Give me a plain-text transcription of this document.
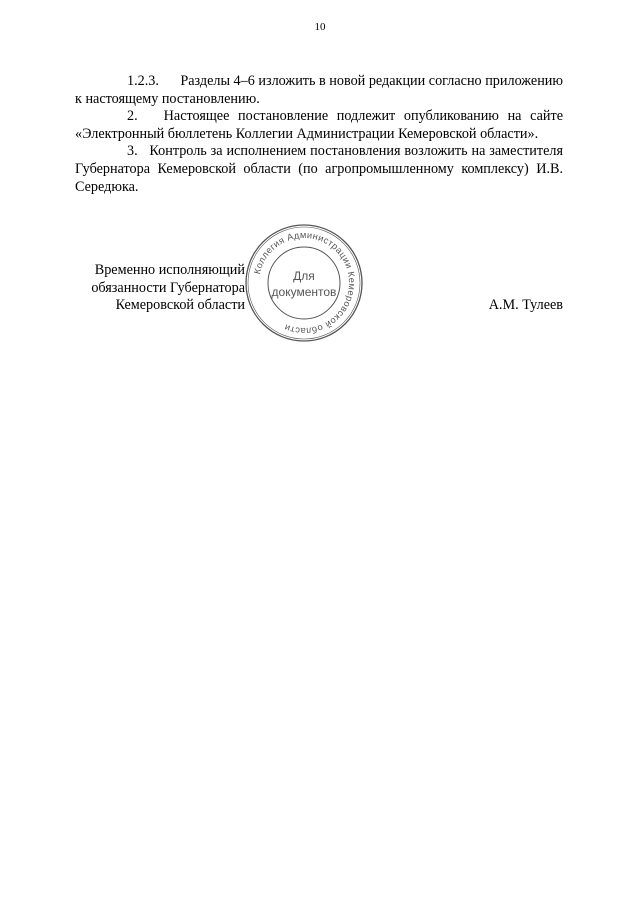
10

1.2.3. Разделы 4–6 изложить в новой редакции согласно приложению к настоящему постановлению.

2. Настоящее постановление подлежит опубликованию на сайте «Электронный бюллетень Коллегии Администрации Кемеровской области».

3. Контроль за исполнением постановления возложить на заместителя Губернатора Кемеровской области (по агропромышленному комплексу) И.В. Середюка.

Временно исполняющий
обязанности Губернатора
Кемеровской области
Коллегия Администрации Кемеровской области
Для
документов
А.М. Тулеев
